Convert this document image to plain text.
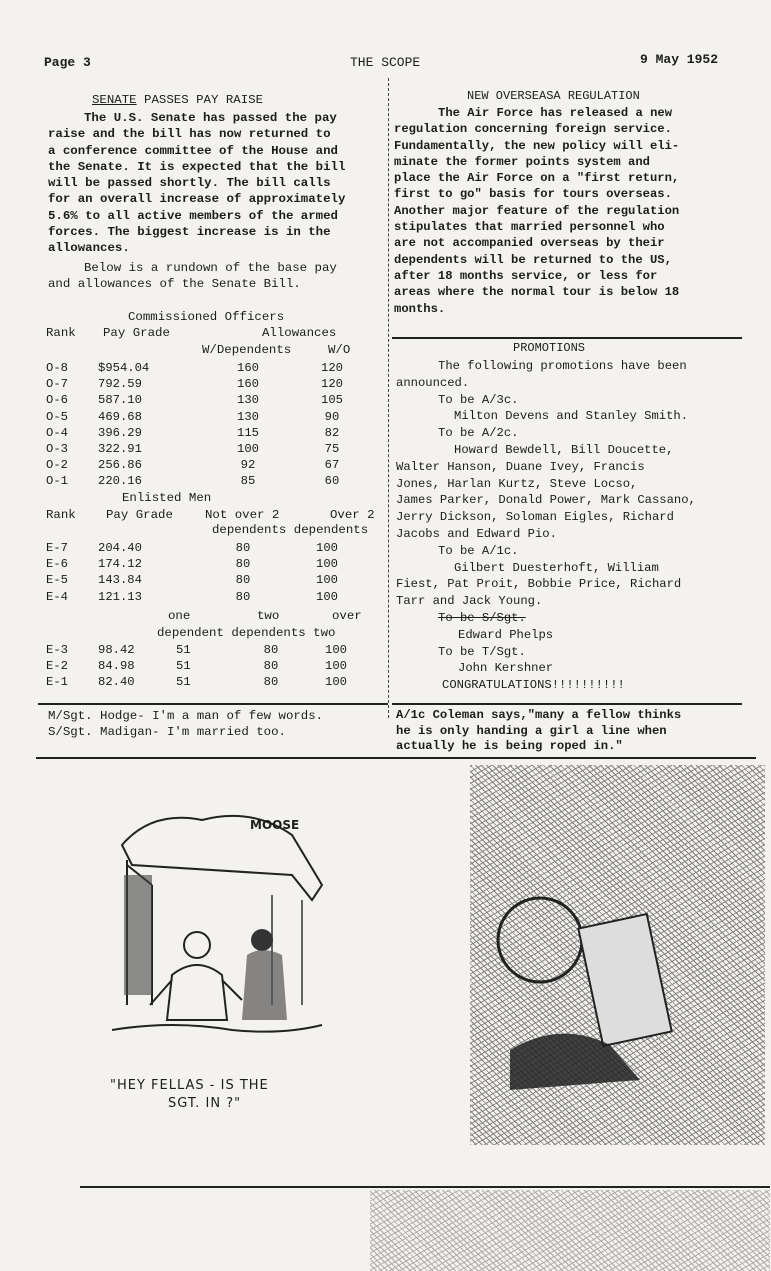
Page 3	THE SCOPE	9 May 1952
SENATE PASSES PAY RAISE
The U.S. Senate has passed the pay
raise and the bill has now returned to
a conference committee of the House and
the Senate. It is expected that the bill
will be passed shortly. The bill calls
for an overall increase of approximately
5.6% to all active members of the armed
forces. The biggest increase is in the
allowances.
Below is a rundown of the base pay
and allowances of the Senate Bill.
Commissioned Officers
Rank Pay Grade	Allowances
W/Dependents	W/O
O-8	$954.04	160	120
O-7	792.59	160	120
O-6	587.10	130	105
O-5	469.68	130	90
O-4	396.29	115	82
O-3	322.91	100	75
O-2	256.86	92	67
O-1	220.16	85	60
Enlisted Men
Rank Pay Grade	Not over 2	Over 2
dependents dependents
E-7	204.40	80	100
E-6	174.12	80	100
E-5	143.84	80	100
E-4	121.13	80	100
one	two	over
dependent dependents two
E-3	98.42	51	80	100
E-2	84.98	51	80	100
E-1	82.40	51	80	100
M/Sgt. Hodge- I'm a man of few words.
S/Sgt. Madigan- I'm married too.
NEW OVERSEASA REGULATION
The Air Force has released a new
regulation concerning foreign service.
Fundamentally, the new policy will eli-
minate the former points system and
place the Air Force on a "first return,
first to go" basis for tours overseas.
Another major feature of the regulation
stipulates that married personnel who
are not accompanied overseas by their
dependents will be returned to the US,
after 18 months service, or less for
areas where the normal tour is below 18
months.
PROMOTIONS
The following promotions have been
announced.
To be A/3c.
Milton Devens and Stanley Smith.
To be A/2c.
Howard Bewdell, Bill Doucette,
Walter Hanson, Duane Ivey, Francis
Jones, Harlan Kurtz, Steve Locso,
James Parker, Donald Power, Mark Cassano,
Jerry Dickson, Soloman Eigles, Richard
Jacobs and Edward Pio.
To be A/1c.
Gilbert Duesterhoft, William
Fiest, Pat Proit, Bobbie Price, Richard
Tarr and Jack Young.
To be S/Sgt.
Edward Phelps
To be T/Sgt.
John Kershner
CONGRATULATIONS!!!!!!!!!!
A/1c Coleman says,"many a fellow thinks
he is only handing a girl a line when
actually he is being roped in."
MOOSE
"HEY FELLAS - IS THE
SGT. IN ?"
